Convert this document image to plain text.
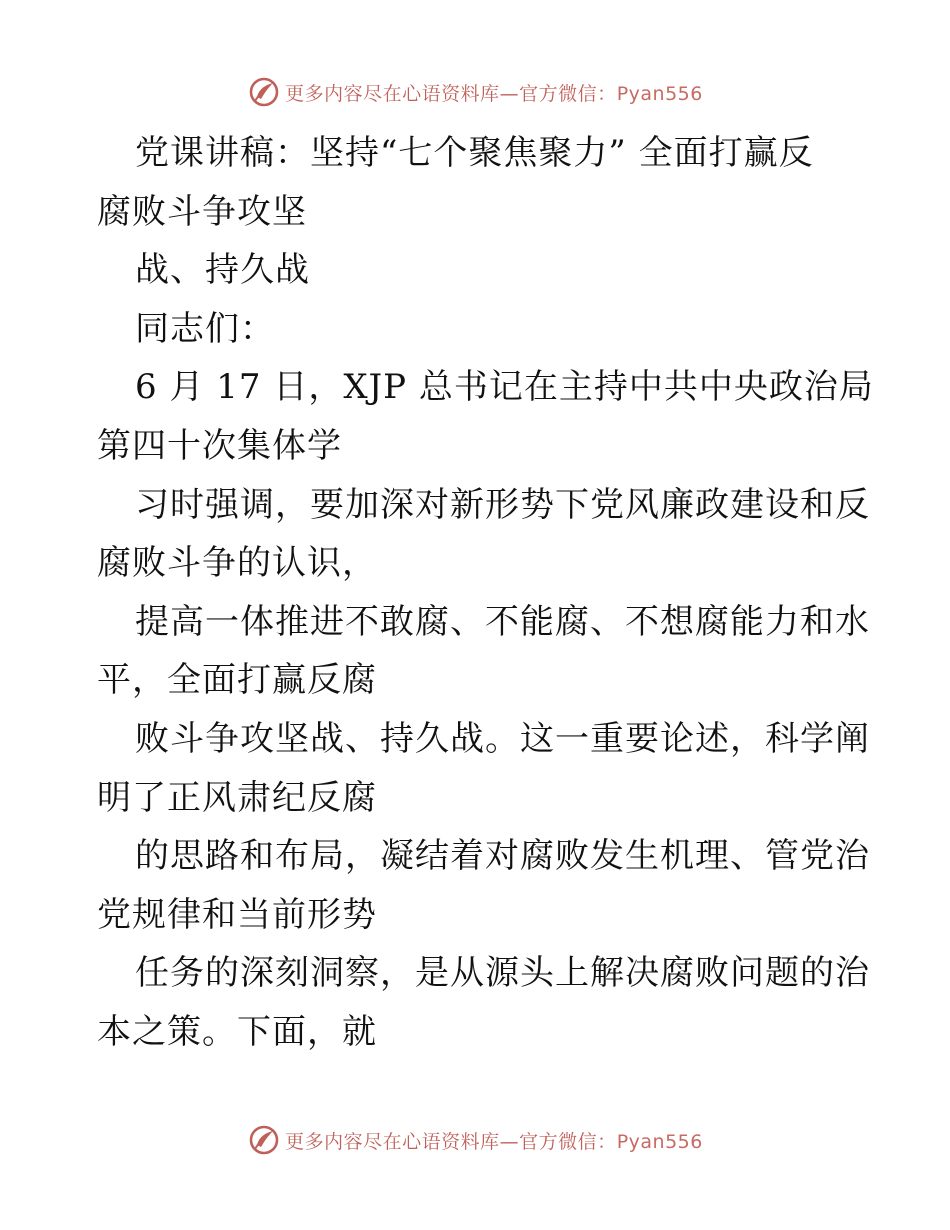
更多内容尽在心语资料库—官方微信：Pyan556
党课讲稿：坚持“七个聚焦聚力” 全面打赢反
腐败斗争攻坚
战、持久战
同志们：
6 月 17 日，XJP 总书记在主持中共中央政治局
第四十次集体学
习时强调，要加深对新形势下党风廉政建设和反
腐败斗争的认识，
提高一体推进不敢腐、不能腐、不想腐能力和水
平，全面打赢反腐
败斗争攻坚战、持久战。这一重要论述，科学阐
明了正风肃纪反腐
的思路和布局，凝结着对腐败发生机理、管党治
党规律和当前形势
任务的深刻洞察，是从源头上解决腐败问题的治
本之策。下面，就
更多内容尽在心语资料库—官方微信：Pyan556
